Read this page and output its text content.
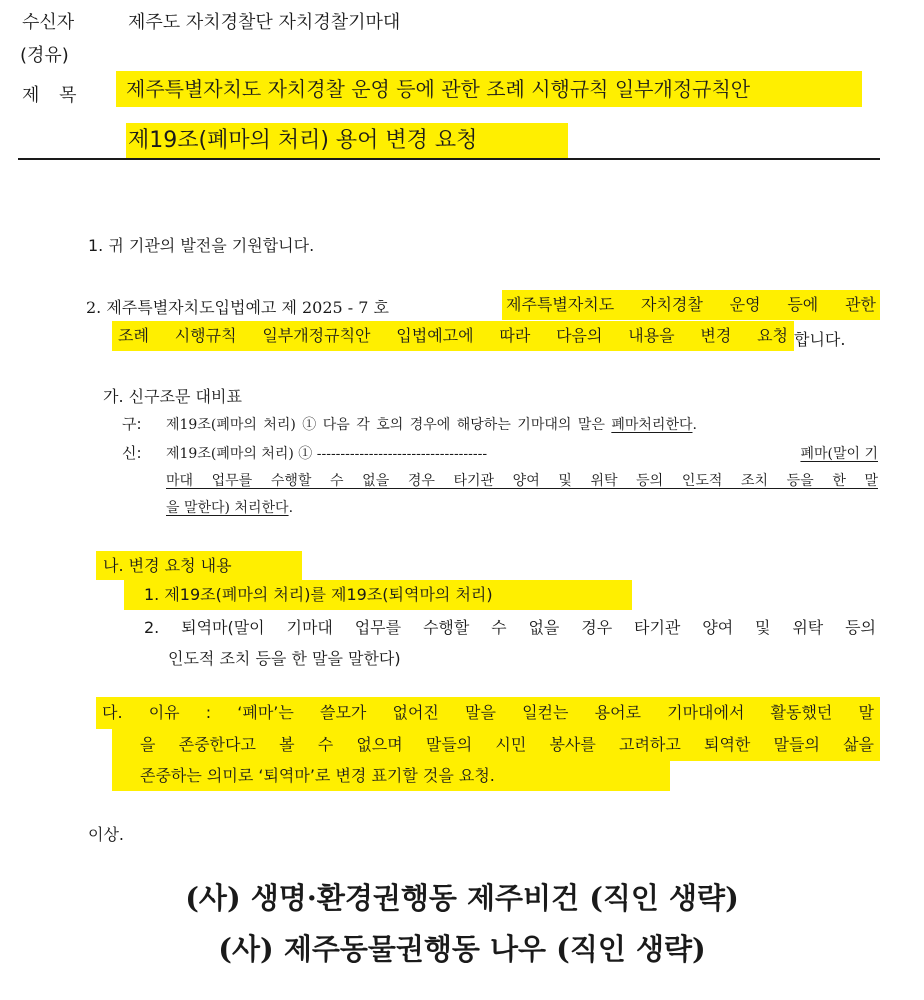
수신자	제주도 자치경찰단 자치경찰기마대
(경유)
제 목	제주특별자치도 자치경찰 운영 등에 관한 조례 시행규칙 일부개정규칙안
제19조(폐마의 처리) 용어 변경 요청
1. 귀 기관의 발전을 기원합니다.
2. 제주특별자치도입법예고 제 2025 - 7 호	제주특별자치도 자치경찰 운영 등에 관한
조례 시행규칙 일부개정규칙안 입법예고에 따라 다음의 내용을 변경 요청 합니다.
가. 신구조문 대비표
구: 제19조(폐마의 처리) ① 다음 각 호의 경우에 해당하는 기마대의 말은 폐마처리한다.
신: 제19조(폐마의 처리) ① ------------------------------------	폐마(말이 기
마대 업무를 수행할 수 없을 경우 타기관 양여 및 위탁 등의 인도적 조치 등을 한 말
을 말한다) 처리한다.
나. 변경 요청 내용
1. 제19조(폐마의 처리)를 제19조(퇴역마의 처리)
2. 퇴역마(말이 기마대 업무를 수행할 수 없을 경우 타기관 양여 및 위탁 등의
인도적 조치 등을 한 말을 말한다)
다. 이유 : ‘폐마’는 쓸모가 없어진 말을 일컫는 용어로 기마대에서 활동했던 말
을 존중한다고 볼 수 없으며 말들의 시민 봉사를 고려하고 퇴역한 말들의 삶을
존중하는 의미로 ‘퇴역마’로 변경 표기할 것을 요청.
이상.
(사) 생명·환경권행동 제주비건 (직인 생략)
(사) 제주동물권행동 나우 (직인 생략)
